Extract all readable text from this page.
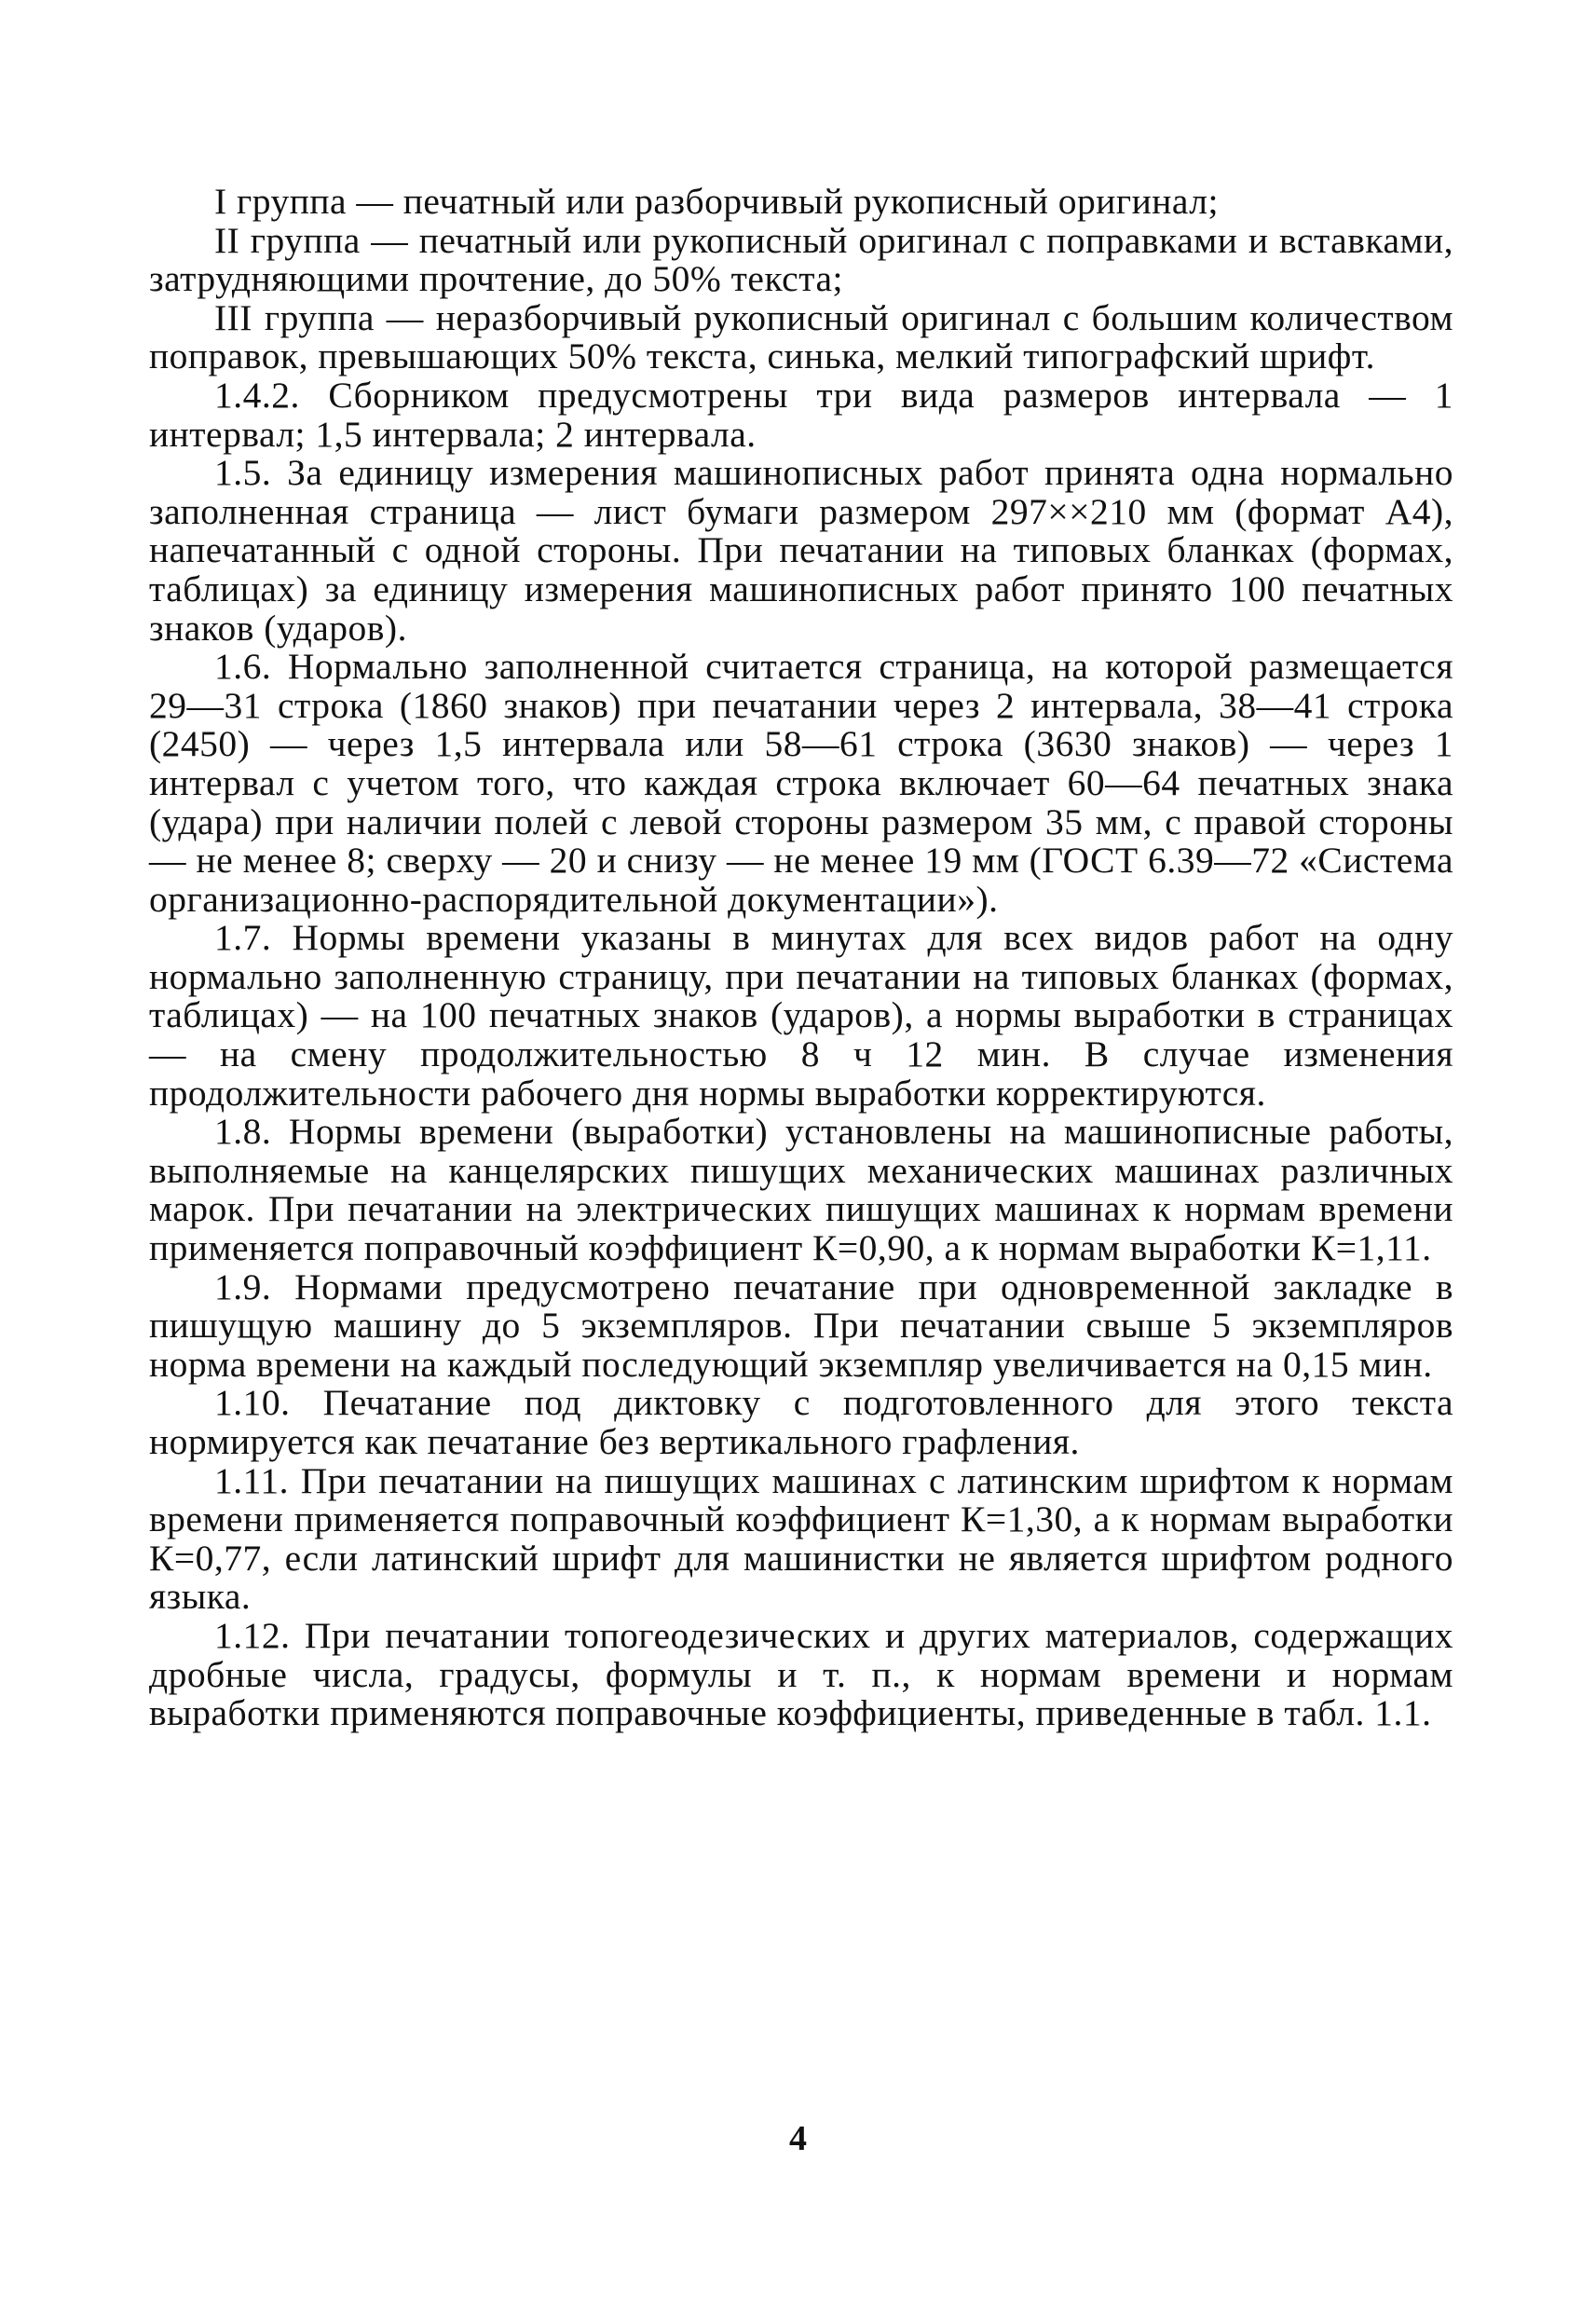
I группа — печатный или разборчивый рукописный оригинал;

II группа — печатный или рукописный оригинал с поправками и вставками, затрудняющими прочтение, до 50% текста;

III группа — неразборчивый рукописный оригинал с большим количеством поправок, превышающих 50% текста, синька, мелкий типографский шрифт.

1.4.2. Сборником предусмотрены три вида размеров интервала — 1 интервал; 1,5 интервала; 2 интервала.

1.5. За единицу измерения машинописных работ принята одна нормально заполненная страница — лист бумаги размером 297××210 мм (формат А4), напечатанный с одной стороны. При печатании на типовых бланках (формах, таблицах) за единицу измерения машинописных работ принято 100 печатных знаков (ударов).

1.6. Нормально заполненной считается страница, на которой размещается 29—31 строка (1860 знаков) при печатании через 2 интервала, 38—41 строка (2450) — через 1,5 интервала или 58—61 строка (3630 знаков) — через 1 интервал с учетом того, что каждая строка включает 60—64 печатных знака (удара) при наличии полей с левой стороны размером 35 мм, с правой стороны — не менее 8; сверху — 20 и снизу — не менее 19 мм (ГОСТ 6.39—72 «Система организационно-распорядительной документации»).

1.7. Нормы времени указаны в минутах для всех видов работ на одну нормально заполненную страницу, при печатании на типовых бланках (формах, таблицах) — на 100 печатных знаков (ударов), а нормы выработки в страницах — на смену продолжительностью 8 ч 12 мин. В случае изменения продолжительности рабочего дня нормы выработки корректируются.

1.8. Нормы времени (выработки) установлены на машинописные работы, выполняемые на канцелярских пишущих механических машинах различных марок. При печатании на электрических пишущих машинах к нормам времени применяется поправочный коэффициент К=0,90, а к нормам выработки К=1,11.

1.9. Нормами предусмотрено печатание при одновременной закладке в пишущую машину до 5 экземпляров. При печатании свыше 5 экземпляров норма времени на каждый последующий экземпляр увеличивается на 0,15 мин.

1.10. Печатание под диктовку с подготовленного для этого текста нормируется как печатание без вертикального графления.

1.11. При печатании на пишущих машинах с латинским шрифтом к нормам времени применяется поправочный коэффициент К=1,30, а к нормам выработки К=0,77, если латинский шрифт для машинистки не является шрифтом родного языка.

1.12. При печатании топогеодезических и других материалов, содержащих дробные числа, градусы, формулы и т. п., к нормам времени и нормам выработки применяются поправочные коэффициенты, приведенные в табл. 1.1.

4
